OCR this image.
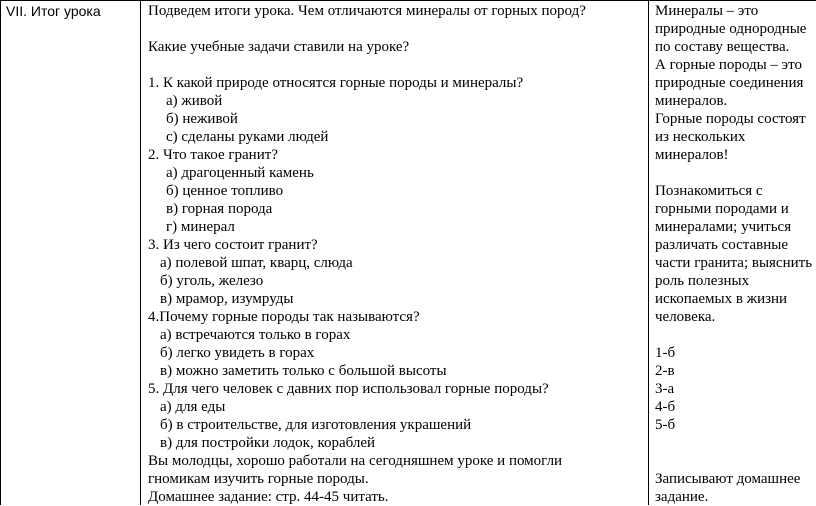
VII. Итог урока	Подведем итоги урока. Чем отличаются минералы от горных пород?
Какие учебные задачи ставили на уроке?
1. К какой природе относятся горные породы и минералы?
а) живой
б) неживой
с) сделаны руками людей
2. Что такое гранит?
а) драгоценный камень
б) ценное топливо
в) горная порода
г) минерал
3. Из чего состоит гранит?
а) полевой шпат, кварц, слюда
б) уголь, железо
в) мрамор, изумруды
4.Почему горные породы так называются?
а) встречаются только в горах
б) легко увидеть в горах
в) можно заметить только с большой высоты
5. Для чего человек с давних пор использовал горные породы?
а) для еды
б) в строительстве, для изготовления украшений
в) для постройки лодок, кораблей
Вы молодцы, хорошо работали на сегодняшнем уроке и помогли
гномикам изучить горные породы.
Домашнее задание: стр. 44-45 читать.
Минералы – это
природные однородные
по составу вещества.
А горные породы – это
природные соединения
минералов.
Горные породы состоят
из нескольких
минералов!
Познакомиться с
горными породами и
минералами; учиться
различать составные
части гранита; выяснить
роль полезных
ископаемых в жизни
человека.
1-б
2-в
3-а
4-б
5-б
Записывают домашнее
задание.
